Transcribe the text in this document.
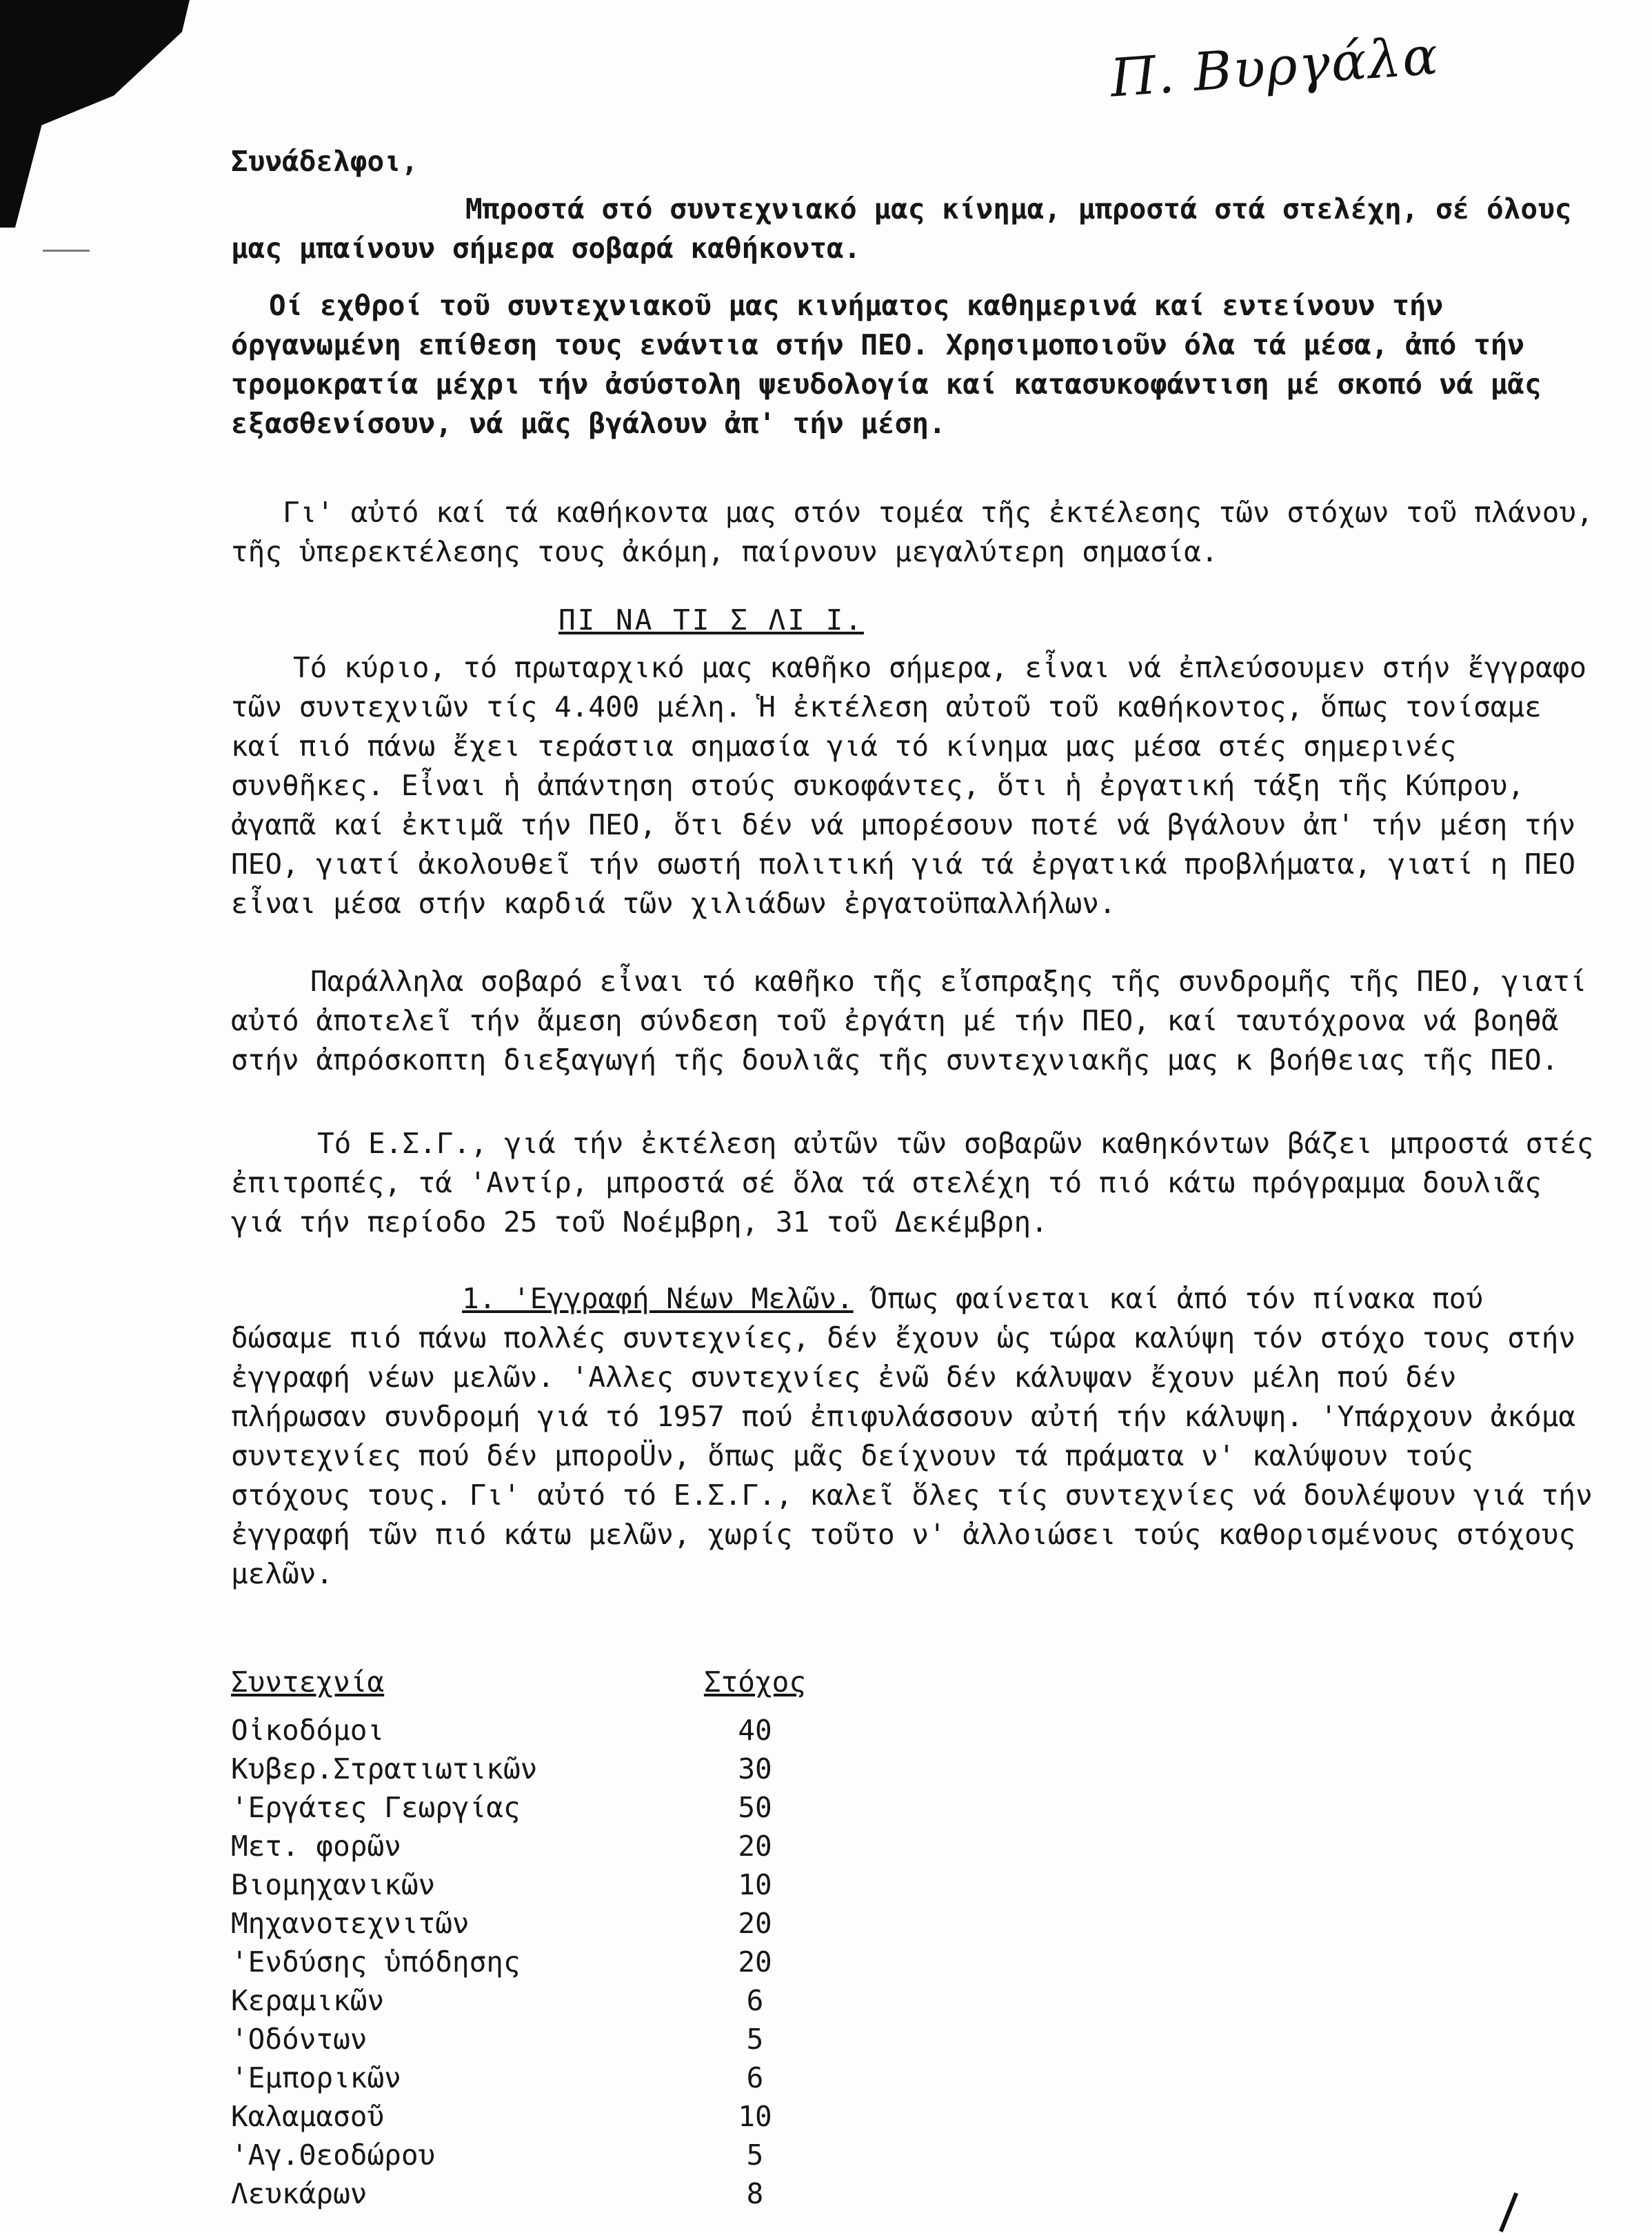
Π. Βυργάλα
Συνάδελφοι,
Μπροστά στό συντεχνιακό μας κίνημα, μπροστά στά στελέχη, σέ όλους μας μπαίνουν σήμερα σοβαρά καθήκοντα.
Οί εχθροί τοῦ συντεχνιακοῦ μας κινήματος καθημερινά καί εντείνουν τήν όργανωμένη επίθεση τους ενάντια στήν ΠΕΟ. Χρησιμοποιοῦν όλα τά μέσα, ἀπό τήν τρομοκρατία μέχρι τήν ἀσύστολη ψευδολογία καί κατασυκοφάντιση μέ σκοπό νά μᾶς εξασθενίσουν, νά μᾶς βγάλουν ἀπ' τήν μέση.
Γι' αὐτό καί τά καθήκοντα μας στόν τομέα τῆς ἐκτέλεσης τῶν στόχων τοῦ πλάνου, τῆς ὑπερεκτέλεσης τους ἀκόμη, παίρνουν μεγαλύτερη σημασία.
ΠΙ ΝΑ ΤΙ Σ ΛΙ Ι.
Τό κύριο, τό πρωταρχικό μας καθῆκο σήμερα, εἶναι νά ἐπλεύσουμεν στήν ἔγγραφο τῶν συντεχνιῶν τίς 4.400 μέλη. Ἡ ἐκτέλεση αὐτοῦ τοῦ καθήκοντος, ὅπως τονίσαμε καί πιό πάνω ἔχει τεράστια σημασία γιά τό κίνημα μας μέσα στές σημερινές συνθῆκες. Εἶναι ἡ ἀπάντηση στούς συκοφάντες, ὅτι ἡ ἐργατική τάξη τῆς Κύπρου, ἀγαπᾶ καί ἐκτιμᾶ τήν ΠΕΟ, ὅτι δέν νά μπορέσουν ποτέ νά βγάλουν ἀπ' τήν μέση τήν ΠΕΟ, γιατί ἀκολουθεῖ τήν σωστή πολιτική γιά τά ἐργατικά προβλήματα, γιατί η ΠΕΟ εἶναι μέσα στήν καρδιά τῶν χιλιάδων ἐργατοϋπαλλήλων.
Παράλληλα σοβαρό εἶναι τό καθῆκο τῆς εἴσπραξης τῆς συνδρομῆς τῆς ΠΕΟ, γιατί αὐτό ἀποτελεῖ τήν ἄμεση σύνδεση τοῦ ἐργάτη μέ τήν ΠΕΟ, καί ταυτόχρονα νά βοηθᾶ στήν ἀπρόσκοπτη διεξαγωγή τῆς δουλιᾶς τῆς συντεχνιακῆς μας κ βοήθειας τῆς ΠΕΟ.
Τό Ε.Σ.Γ., γιά τήν ἐκτέλεση αὐτῶν τῶν σοβαρῶν καθηκόντων βάζει μπροστά στές ἐπιτροπές, τά 'Αντίρ, μπροστά σέ ὅλα τά στελέχη τό πιό κάτω πρόγραμμα δουλιᾶς γιά τήν περίοδο 25 τοῦ Νοέμβρη, 31 τοῦ Δεκέμβρη.
1. 'Εγγραφή Νέων Μελῶν. Όπως φαίνεται καί ἀπό τόν πίνακα πού δώσαμε πιό πάνω πολλές συντεχνίες, δέν ἔχουν ὡς τώρα καλύψη τόν στόχο τους στήν ἐγγραφή νέων μελῶν. 'Αλλες συντεχνίες ἐνῶ δέν κάλυψαν ἔχουν μέλη πού δέν πλήρωσαν συνδρομή γιά τό 1957 πού ἐπιφυλάσσουν αὐτή τήν κάλυψη. 'Υπάρχουν ἀκόμα συντεχνίες πού δέν μποροÜν, ὅπως μᾶς δείχνουν τά πράματα ν' καλύψουν τούς στόχους τους. Γι' αὐτό τό Ε.Σ.Γ., καλεῖ ὅλες τίς συντεχνίες νά δουλέψουν γιά τήν ἐγγραφή τῶν πιό κάτω μελῶν, χωρίς τοῦτο ν' ἀλλοιώσει τούς καθορισμένους στόχους μελῶν.
Συντεχνία	Στόχος
Οἰκοδόμοι	40
Κυβερ.Στρατιωτικῶν	30
'Εργάτες Γεωργίας	50
Μετ. φορῶν	20
Βιομηχανικῶν	10
Μηχανοτεχνιτῶν	20
'Ενδύσης ὑπόδησης	20
Κεραμικῶν	6
'Οδόντων	5
'Εμπορικῶν	6
Καλαμασοῦ	10
'Αγ.Θεοδώρου	5
Λευκάρων	8
